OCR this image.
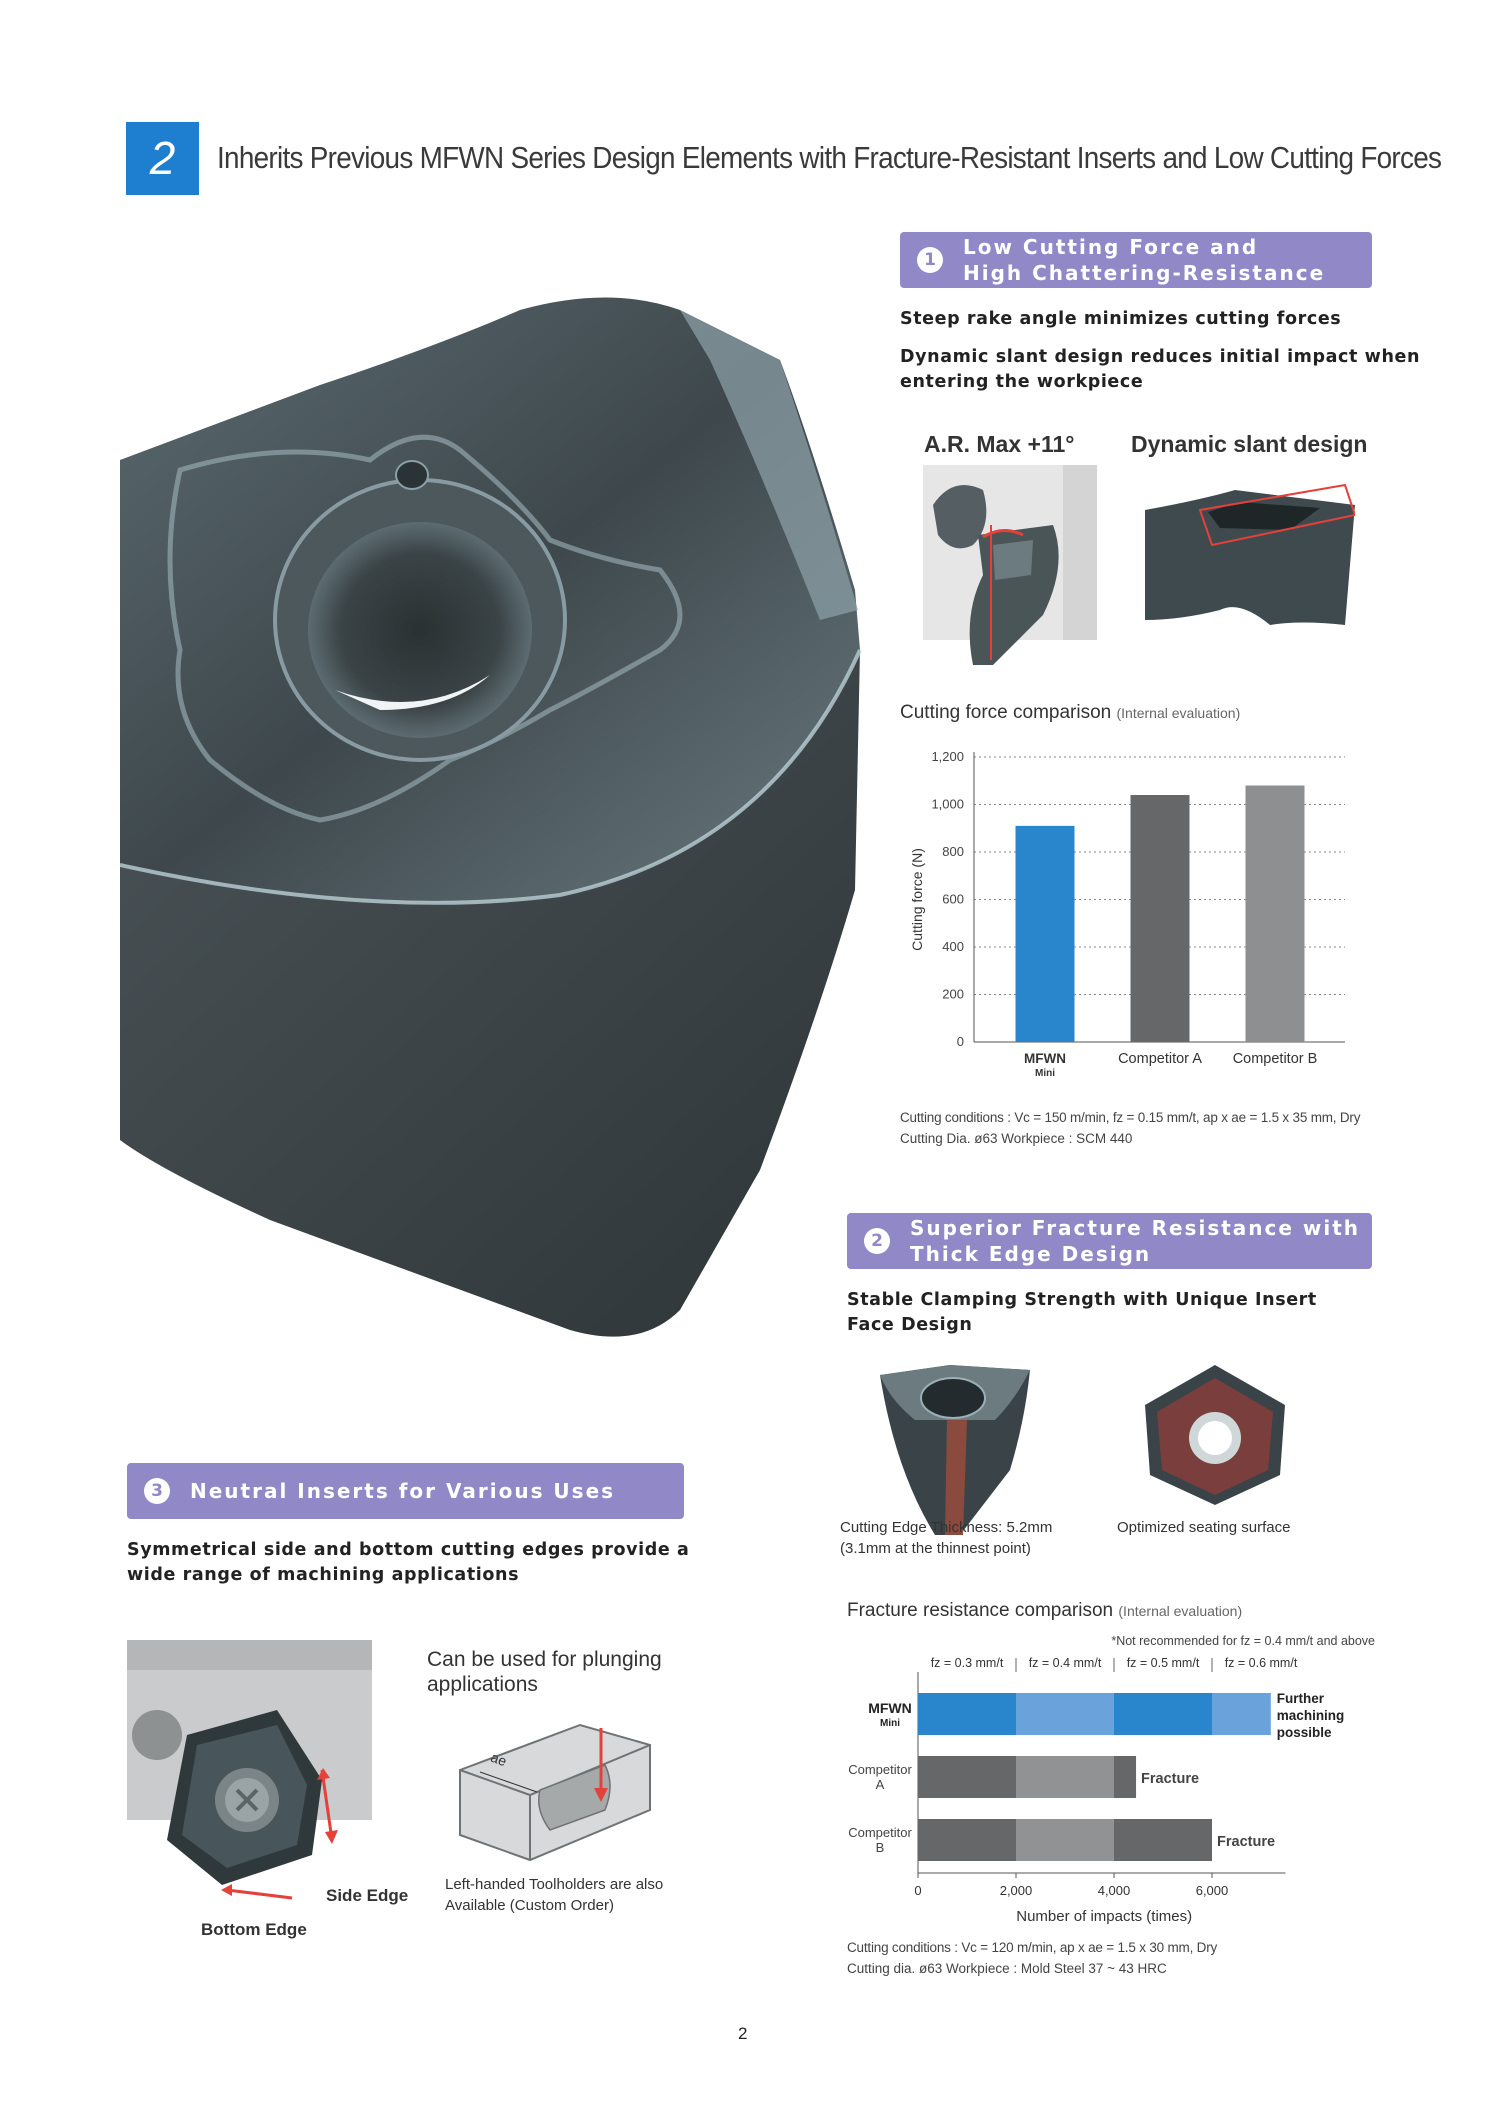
2	Inherits Previous MFWN Series Design Elements with Fracture-Resistant Inserts and Low Cutting Forces
1
Low Cutting Force and
High Chattering-Resistance
Steep rake angle minimizes cutting forces
Dynamic slant design reduces initial impact when
entering the workpiece
A.R. Max +11° Dynamic slant design
Cutting force comparison (Internal evaluation)
0
200
400
600
800
1,000
1,200
Cutting force (N)
MFWN
Mini
Competitor A Competitor B
Cutting conditions : Vc = 150 m/min, fz = 0.15 mm/t, ap x ae = 1.5 x 35 mm, Dry
Cutting Dia. ø63 Workpiece : SCM 440
2
Superior Fracture Resistance with
Thick Edge Design
Stable Clamping Strength with Unique Insert
Face Design
Cutting Edge Thickness: 5.2mm
(3.1mm at the thinnest point)
Optimized seating surface
Fracture resistance comparison (Internal evaluation)
*Not recommended for fz = 0.4 mm/t and above
fz = 0.3 mm/t fz = 0.4 mm/t fz = 0.5 mm/t fz = 0.6 mm/t
MFWN
Mini
Competitor
A
Competitor
B
Further
machining
possible
Fracture
Fracture
0	2,000	4,000	6,000
Number of impacts (times)
Cutting conditions : Vc = 120 m/min, ap x ae = 1.5 x 30 mm, Dry
Cutting dia. ø63 Workpiece : Mold Steel 37 ~ 43 HRC
3	Neutral Inserts for Various Uses
Symmetrical side and bottom cutting edges provide a
wide range of machining applications
Side Edge
Bottom Edge
Can be used for plunging
applications
ae
Left-handed Toolholders are also
Available (Custom Order)
2
